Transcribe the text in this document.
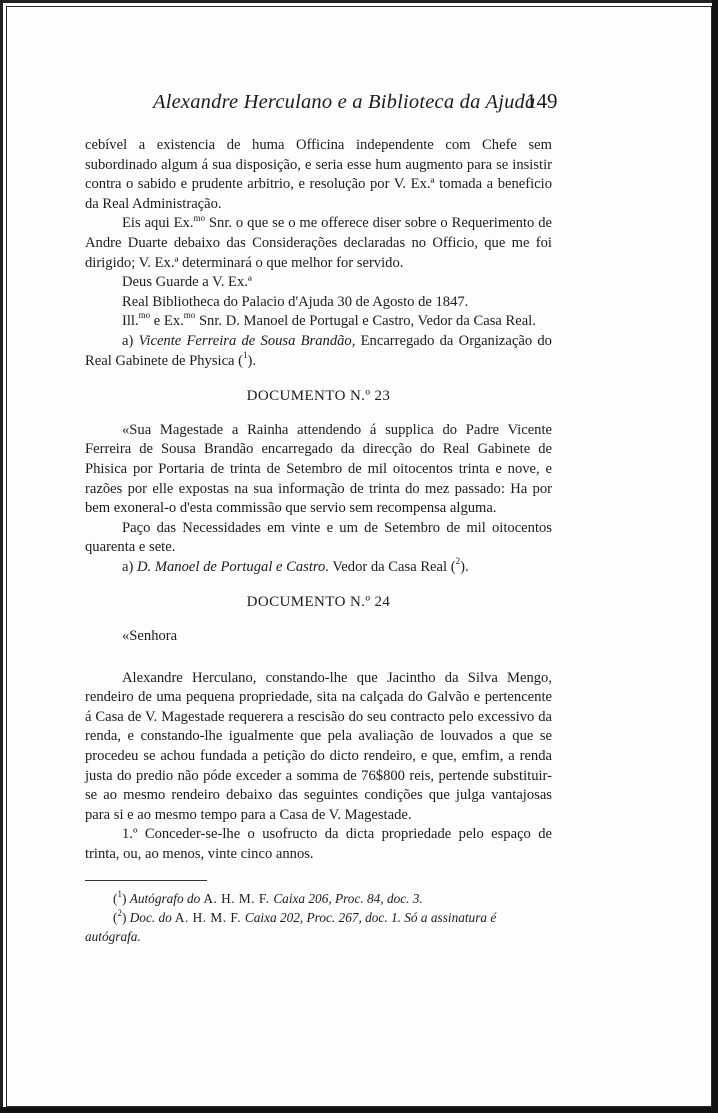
Alexandre Herculano e a Biblioteca da Ajuda
149

cebível a existencia de huma Officina independente com Chefe sem subordinado algum á sua disposição, e seria esse hum augmento para se insistir contra o sabido e prudente arbitrio, e resolução por V. Ex.ª tomada a beneficio da Real Administração.

Eis aqui Ex.$^{mo}$ Snr. o que se o me offerece diser sobre o Requerimento de Andre Duarte debaixo das Considerações declaradas no Officio, que me foi dirigido; V. Ex.ª determinará o que melhor for servido.

Deus Guarde a V. Ex.ª

Real Bibliotheca do Palacio d'Ajuda 30 de Agosto de 1847.

Ill.$^{mo}$ e Ex.$^{mo}$ Snr. D. Manoel de Portugal e Castro, Vedor da Casa Real.

a) Vicente Ferreira de Sousa Brandão, Encarregado da Organização do Real Gabinete de Physica ($^1$).

DOCUMENTO N.º 23

«Sua Magestade a Rainha attendendo á supplica do Padre Vicente Ferreira de Sousa Brandão encarregado da direcção do Real Gabinete de Phisica por Portaria de trinta de Setembro de mil oitocentos trinta e nove, e razões por elle expostas na sua informação de trinta do mez passado: Ha por bem exoneral-o d'esta commissão que servio sem recompensa alguma.

Paço das Necessidades em vinte e um de Setembro de mil oitocentos quarenta e sete.

a) D. Manoel de Portugal e Castro. Vedor da Casa Real ($^2$).

DOCUMENTO N.º 24

«Senhora

Alexandre Herculano, constando-lhe que Jacintho da Silva Mengo, rendeiro de uma pequena propriedade, sita na calçada do Galvão e pertencente á Casa de V. Magestade requerera a rescisão do seu contracto pelo excessivo da renda, e constando-lhe igualmente que pela avaliação de louvados a que se procedeu se achou fundada a petição do dicto rendeiro, e que, emfim, a renda justa do predio não póde exceder a somma de 76$800 reis, pertende substituir-se ao mesmo rendeiro debaixo das seguintes condições que julga vantajosas para si e ao mesmo tempo para a Casa de V. Magestade.

1.º Conceder-se-lhe o usofructo da dicta propriedade pelo espaço de trinta, ou, ao menos, vinte cinco annos.

($^1$) Autógrafo do A. H. M. F. Caixa 206, Proc. 84, doc. 3.

($^2$) Doc. do A. H. M. F. Caixa 202, Proc. 267, doc. 1. Só a assinatura é autógrafa.
